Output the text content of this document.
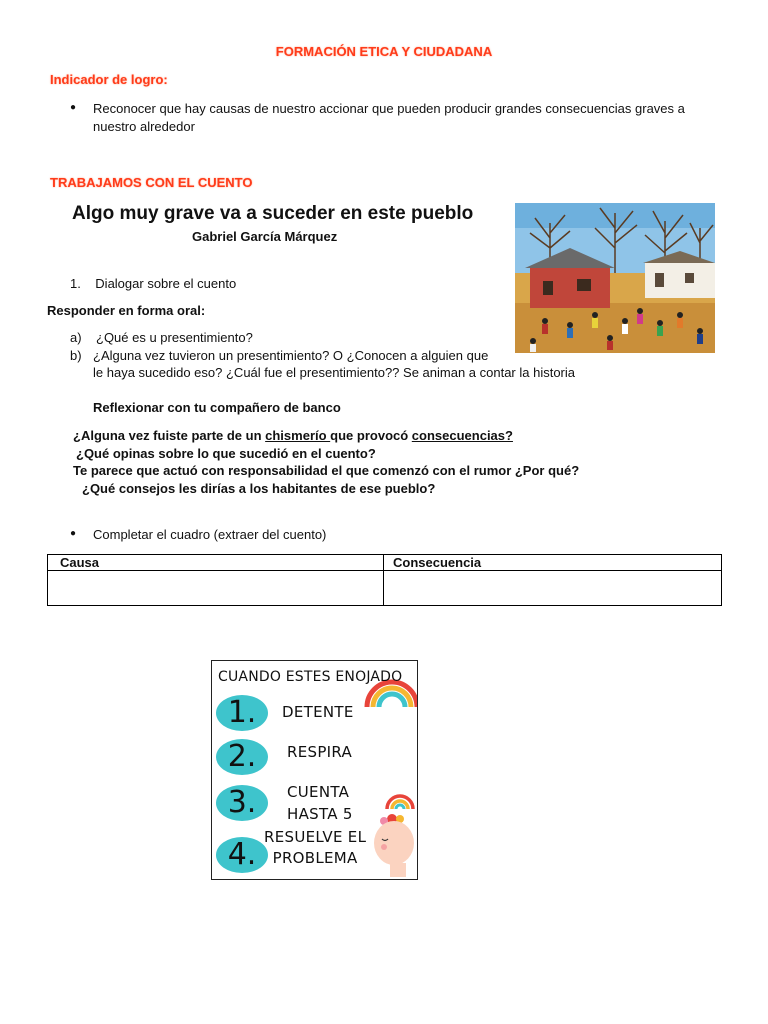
FORMACIÓN ETICA Y CIUDADANA
Indicador de logro:
● Reconocer que hay causas de nuestro accionar que pueden producir grandes consecuencias graves a nuestro alrededor
TRABAJAMOS CON EL CUENTO
Algo muy grave va a suceder en este pueblo
Gabriel García Márquez
1.    Dialogar sobre el cuento
Responder en forma oral:
a) ¿Qué es u presentimiento?
b) ¿Alguna vez tuvieron un presentimiento? O ¿Conocen a alguien que
le haya sucedido eso? ¿Cuál fue el presentimiento?? Se animan a contar la historia
Reflexionar con tu compañero de banco
¿Alguna vez fuiste parte de un chismerío que provocó consecuencias?
¿Qué opinas sobre lo que sucedió en el cuento?
Te parece que actuó con responsabilidad el que comenzó con el rumor ¿Por qué?
¿Qué consejos les dirías a los habitantes de ese pueblo?
● Completar el cuadro (extraer del cuento)
Causa	Consecuencia

CUANDO ESTES ENOJADO
1.	DETENTE
2.	RESPIRA
3.	CUENTA
HASTA 5
4. RESUELVE EL
PROBLEMA
